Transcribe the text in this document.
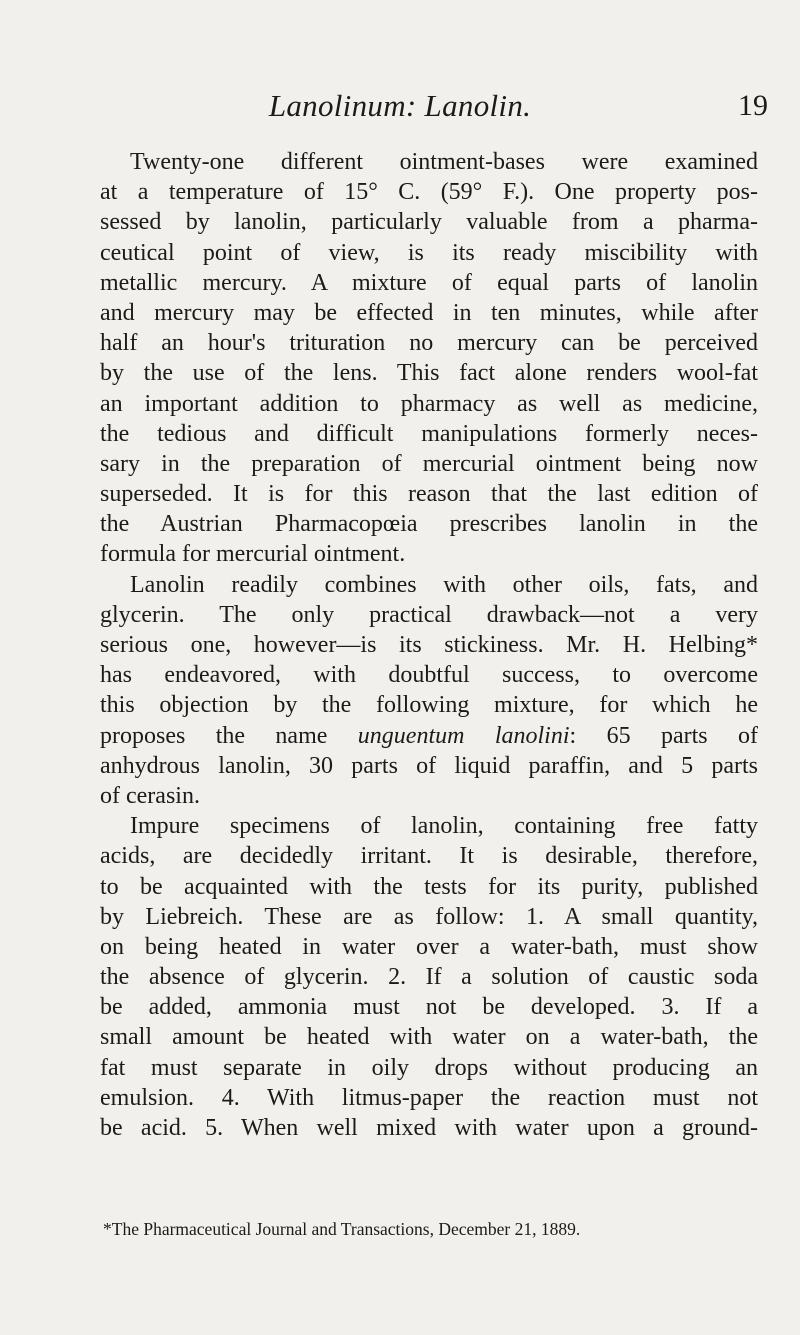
Lanolinum: Lanolin.	19
Twenty-one different ointment-bases were examined
at a temperature of 15° C. (59° F.). One property pos-
sessed by lanolin, particularly valuable from a pharma-
ceutical point of view, is its ready miscibility with
metallic mercury. A mixture of equal parts of lanolin
and mercury may be effected in ten minutes, while after
half an hour's trituration no mercury can be perceived
by the use of the lens. This fact alone renders wool-fat
an important addition to pharmacy as well as medicine,
the tedious and difficult manipulations formerly neces-
sary in the preparation of mercurial ointment being now
superseded. It is for this reason that the last edition of
the Austrian Pharmacopœia prescribes lanolin in the
formula for mercurial ointment.
Lanolin readily combines with other oils, fats, and
glycerin. The only practical drawback—not a very
serious one, however—is its stickiness. Mr. H. Helbing*
has endeavored, with doubtful success, to overcome
this objection by the following mixture, for which he
proposes the name unguentum lanolini: 65 parts of
anhydrous lanolin, 30 parts of liquid paraffin, and 5 parts
of cerasin.
Impure specimens of lanolin, containing free fatty
acids, are decidedly irritant. It is desirable, therefore,
to be acquainted with the tests for its purity, published
by Liebreich. These are as follow: 1. A small quantity,
on being heated in water over a water-bath, must show
the absence of glycerin. 2. If a solution of caustic soda
be added, ammonia must not be developed. 3. If a
small amount be heated with water on a water-bath, the
fat must separate in oily drops without producing an
emulsion. 4. With litmus-paper the reaction must not
be acid. 5. When well mixed with water upon a ground-
*The Pharmaceutical Journal and Transactions, December 21, 1889.
